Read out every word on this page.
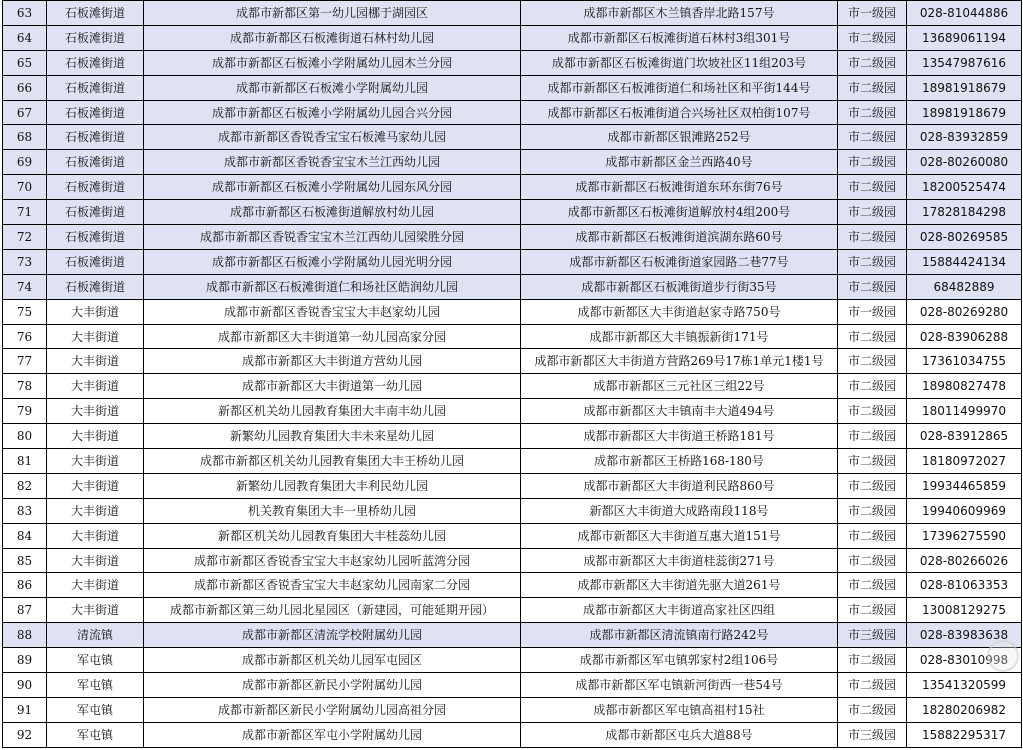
63	石板滩街道	成都市新都区第一幼儿园梛于湖园区	成都市新都区木兰镇香岸北路157号	市一级园	028-81044886
64	石板滩街道	成都市新都区石板滩街道石林村幼儿园	成都市新都区石板滩街道石林村3组301号	市二级园	13689061194
65	石板滩街道	成都市新都区石板滩小学附属幼儿园木兰分园	成都市新都区石板滩街道门坎坡社区11组203号	市二级园	13547987616
66	石板滩街道	成都市新都区石板滩小学附属幼儿园	成都市新都区石板滩街道仁和场社区和平街144号	市二级园	18981918679
67	石板滩街道	成都市新都区石板滩小学附属幼儿园合兴分园	成都市新都区石板滩街道合兴场社区双柏街107号	市二级园	18981918679
68	石板滩街道	成都市新都区香锐香宝宝石板滩马家幼儿园	成都市新都区银滩路252号	市二级园	028-83932859
69	石板滩街道	成都市新都区香锐香宝宝木兰江西幼儿园	成都市新都区金兰西路40号	市二级园	028-80260080
70	石板滩街道	成都市新都区石板滩小学附属幼儿园东风分园	成都市新都区石板滩街道东环东街76号	市二级园	18200525474
71	石板滩街道	成都市新都区石板滩街道解放村幼儿园	成都市新都区石板滩街道解放村4组200号	市二级园	17828184298
72	石板滩街道	成都市新都区香锐香宝宝木兰江西幼儿园梁胜分园	成都市新都区石板滩街道滨湖东路60号	市二级园	028-80269585
73	石板滩街道	成都市新都区石板滩小学附属幼儿园光明分园	成都市新都区石板滩街道家园路二巷77号	市二级园	15884424134
74	石板滩街道	成都市新都区石板滩街道仁和场社区皓润幼儿园	成都市新都区石板滩街道步行街35号	市二级园	68482889
75	大丰街道	成都市新都区香锐香宝宝大丰赵家幼儿园	成都市新都区大丰街道赵家寺路750号	市一级园	028-80269280
76	大丰街道	成都市新都区大丰街道第一幼儿园高家分园	成都市新都区大丰镇振新街171号	市二级园	028-83906288
77	大丰街道	成都市新都区大丰街道方营幼儿园	成都市新都区大丰街道方营路269号17栋1单元1楼1号	市二级园	17361034755
78	大丰街道	成都市新都区大丰街道第一幼儿园	成都市新都区三元社区三组22号	市二级园	18980827478
79	大丰街道	新都区机关幼儿园教育集团大丰南丰幼儿园	成都市新都区大丰镇南丰大道494号	市二级园	18011499970
80	大丰街道	新繁幼儿园教育集团大丰未来星幼儿园	成都市新都区大丰街道王桥路181号	市二级园	028-83912865
81	大丰街道	成都市新都区机关幼儿园教育集团大丰王桥幼儿园	成都市新都区王桥路168-180号	市二级园	18180972027
82	大丰街道	新繁幼儿园教育集团大丰利民幼儿园	成都市新都区大丰街道利民路860号	市二级园	19934465859
83	大丰街道	机关教育集团大丰一里桥幼儿园	新都区大丰街道大成路南段118号	市二级园	19940609969
84	大丰街道	新都区机关幼儿园教育集团大丰桂蕊幼儿园	成都市新都区大丰街道互惠大道151号	市二级园	17396275590
85	大丰街道	成都市新都区香锐香宝宝大丰赵家幼儿园听蓝湾分园	成都市新都区大丰街道桂蕊街271号	市二级园	028-80266026
86	大丰街道	成都市新都区香锐香宝宝大丰赵家幼儿园南家二分园	成都市新都区大丰街道先驱大道261号	市二级园	028-81063353
87	大丰街道	成都市新都区第三幼儿园北星园区（新建园，可能延期开园）	成都市新都区大丰街道高家社区四组	市二级园	13008129275
88	清流镇	成都市新都区清流学校附属幼儿园	成都市新都区清流镇南行路242号	市三级园	028-83983638
89	军屯镇	成都市新都区机关幼儿园军屯园区	成都市新都区军屯镇郭家村2组106号	市二级园	028-83010998
90	军屯镇	成都市新都区新民小学附属幼儿园	成都市新都区军屯镇新河街西一巷54号	市二级园	13541320599
91	军屯镇	成都市新都区新民小学附属幼儿园高祖分园	成都市新都区军屯镇高祖村15社	市二级园	18280206982
92	军屯镇	成都市新都区军屯小学附属幼儿园	成都市新都区屯兵大道88号	市三级园	15882295317
